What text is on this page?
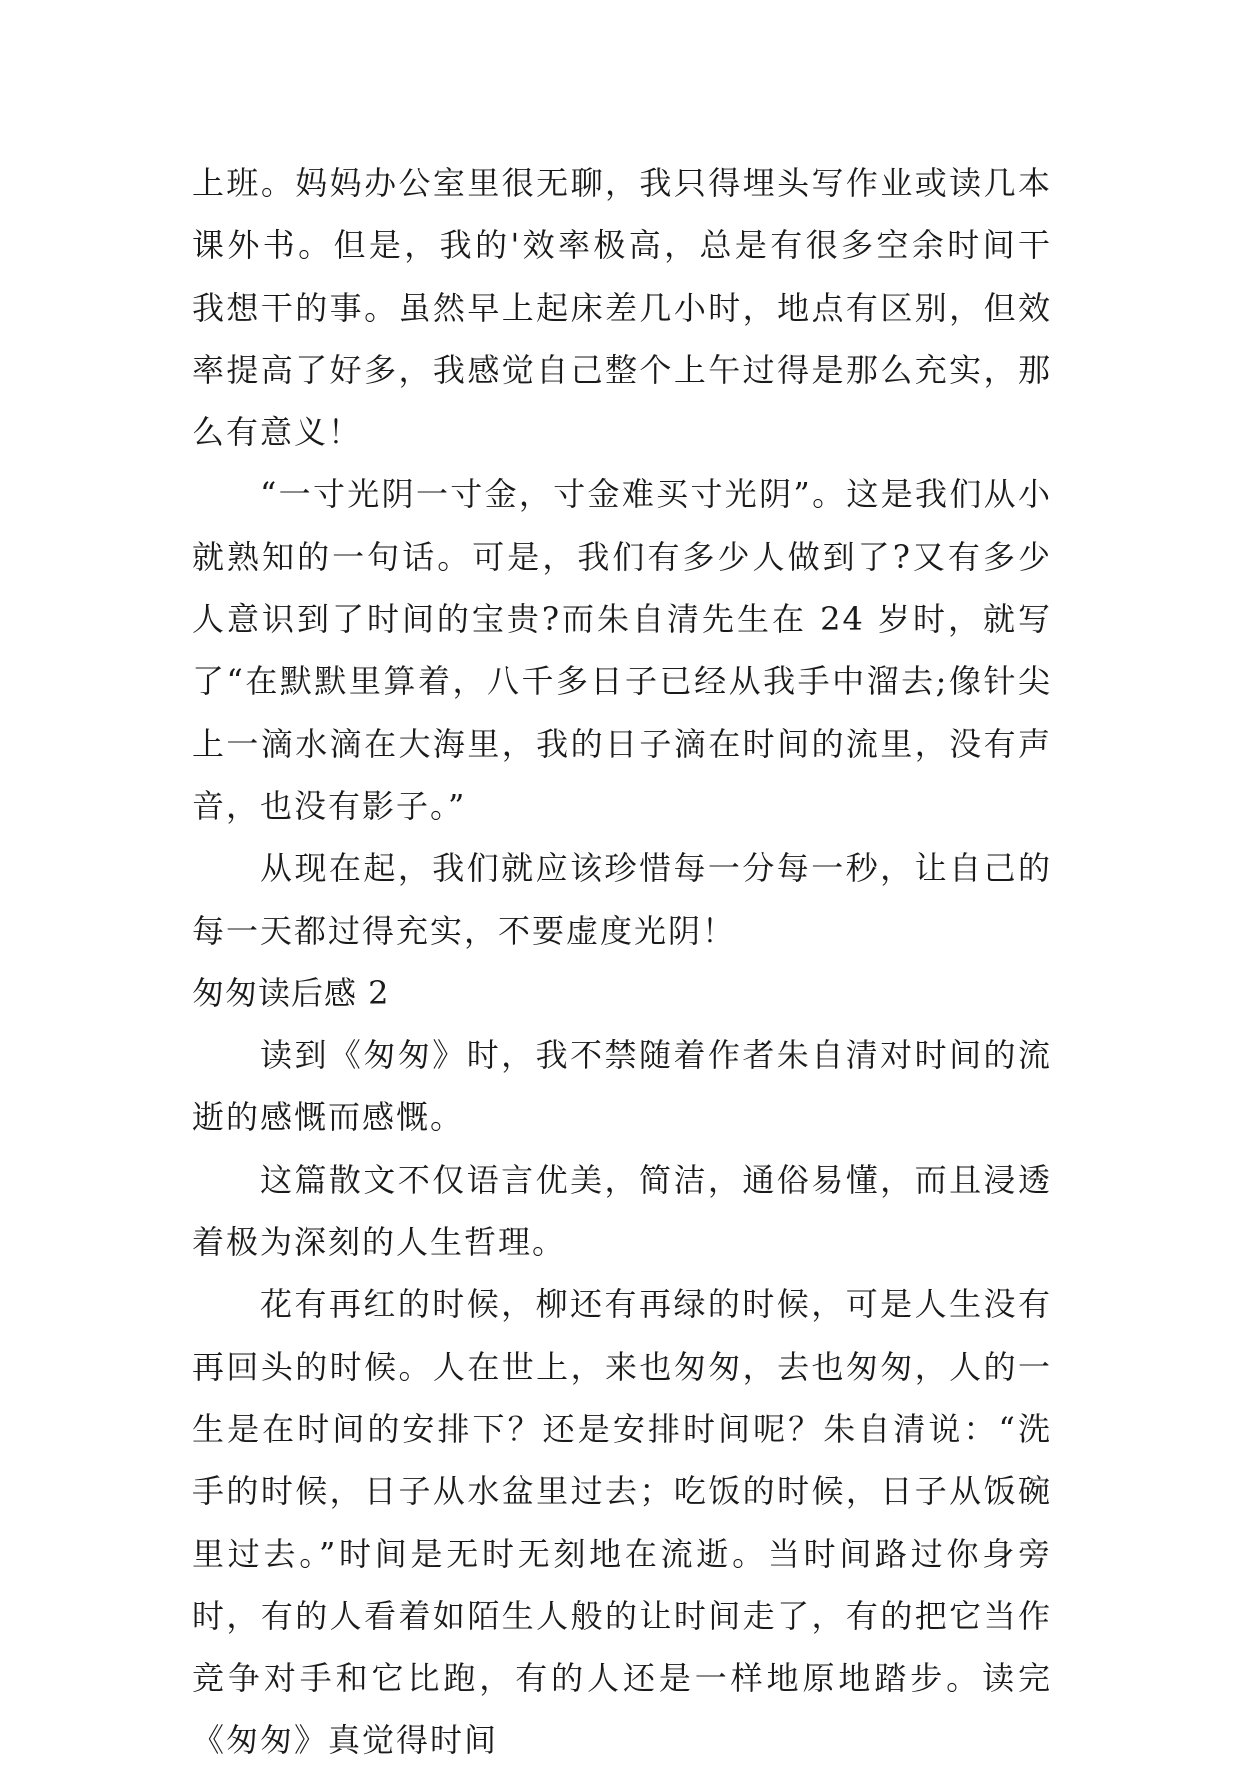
上班。妈妈办公室里很无聊，我只得埋头写作业或读几本课外书。但是，我的'效率极高，总是有很多空余时间干我想干的事。虽然早上起床差几小时，地点有区别，但效率提高了好多，我感觉自己整个上午过得是那么充实，那么有意义！

“一寸光阴一寸金，寸金难买寸光阴”。这是我们从小就熟知的一句话。可是，我们有多少人做到了?又有多少人意识到了时间的宝贵?而朱自清先生在 24 岁时，就写了“在默默里算着，八千多日子已经从我手中溜去;像针尖上一滴水滴在大海里，我的日子滴在时间的流里，没有声音，也没有影子。”

从现在起，我们就应该珍惜每一分每一秒，让自己的每一天都过得充实，不要虚度光阴！

匆匆读后感 2

读到《匆匆》时，我不禁随着作者朱自清对时间的流逝的感慨而感慨。

这篇散文不仅语言优美，简洁，通俗易懂，而且浸透着极为深刻的人生哲理。

花有再红的时候，柳还有再绿的时候，可是人生没有再回头的时候。人在世上，来也匆匆，去也匆匆，人的一生是在时间的安排下？还是安排时间呢？朱自清说：“洗手的时候，日子从水盆里过去；吃饭的时候，日子从饭碗里过去。”时间是无时无刻地在流逝。当时间路过你身旁时，有的人看着如陌生人般的让时间走了，有的把它当作竞争对手和它比跑，有的人还是一样地原地踏步。读完《匆匆》真觉得时间
